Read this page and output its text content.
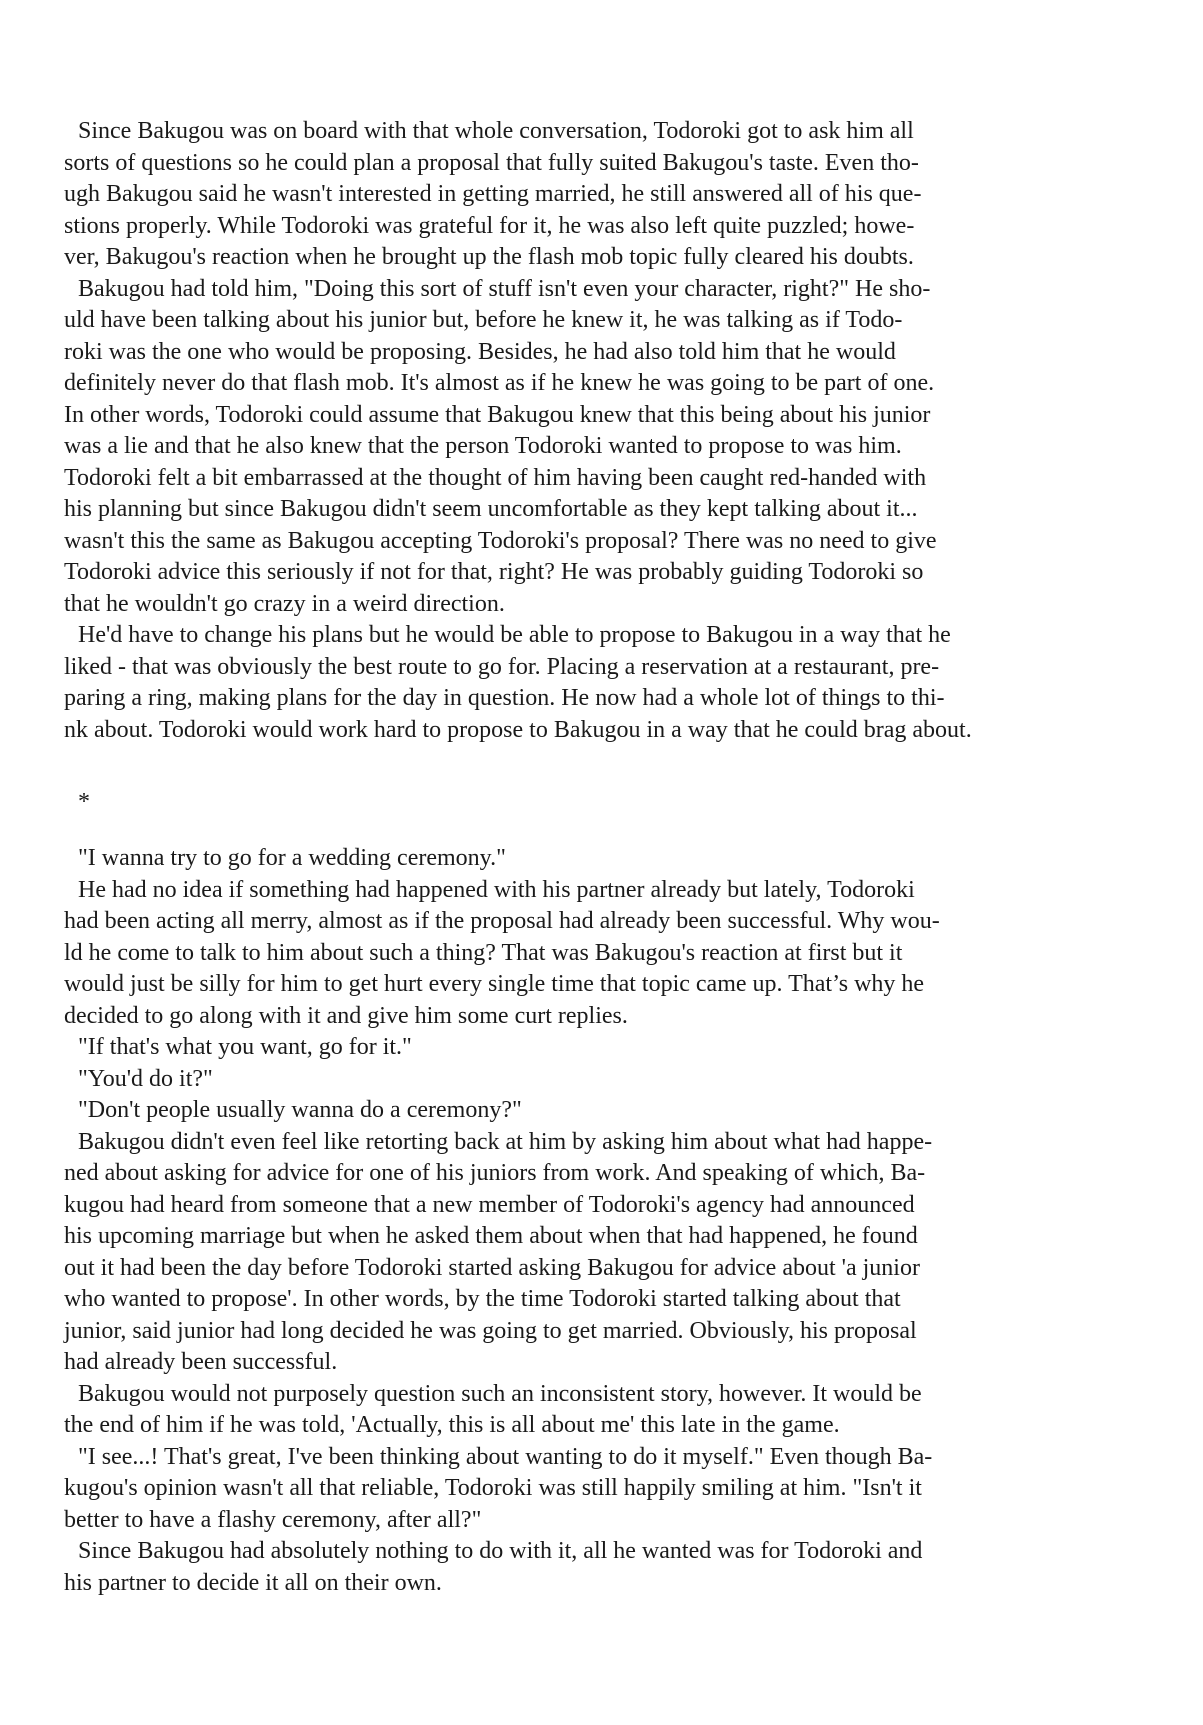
Since Bakugou was on board with that whole conversation, Todoroki got to ask him all
sorts of questions so he could plan a proposal that fully suited Bakugou's taste. Even tho-
ugh Bakugou said he wasn't interested in getting married, he still answered all of his que-
stions properly. While Todoroki was grateful for it, he was also left quite puzzled; howe-
ver, Bakugou's reaction when he brought up the flash mob topic fully cleared his doubts.
Bakugou had told him, "Doing this sort of stuff isn't even your character, right?" He sho-
uld have been talking about his junior but, before he knew it, he was talking as if Todo-
roki was the one who would be proposing. Besides, he had also told him that he would
definitely never do that flash mob. It's almost as if he knew he was going to be part of one.
In other words, Todoroki could assume that Bakugou knew that this being about his junior
was a lie and that he also knew that the person Todoroki wanted to propose to was him.
Todoroki felt a bit embarrassed at the thought of him having been caught red-handed with
his planning but since Bakugou didn't seem uncomfortable as they kept talking about it...
wasn't this the same as Bakugou accepting Todoroki's proposal? There was no need to give
Todoroki advice this seriously if not for that, right? He was probably guiding Todoroki so
that he wouldn't go crazy in a weird direction.
He'd have to change his plans but he would be able to propose to Bakugou in a way that he
liked - that was obviously the best route to go for. Placing a reservation at a restaurant, pre-
paring a ring, making plans for the day in question. He now had a whole lot of things to thi-
nk about. Todoroki would work hard to propose to Bakugou in a way that he could brag about.
*
"I wanna try to go for a wedding ceremony."
He had no idea if something had happened with his partner already but lately, Todoroki
had been acting all merry, almost as if the proposal had already been successful. Why wou-
ld he come to talk to him about such a thing? That was Bakugou's reaction at first but it
would just be silly for him to get hurt every single time that topic came up. That’s why he
decided to go along with it and give him some curt replies.
"If that's what you want, go for it."
"You'd do it?"
"Don't people usually wanna do a ceremony?"
Bakugou didn't even feel like retorting back at him by asking him about what had happe-
ned about asking for advice for one of his juniors from work. And speaking of which, Ba-
kugou had heard from someone that a new member of Todoroki's agency had announced
his upcoming marriage but when he asked them about when that had happened, he found
out it had been the day before Todoroki started asking Bakugou for advice about 'a junior
who wanted to propose'. In other words, by the time Todoroki started talking about that
junior, said junior had long decided he was going to get married. Obviously, his proposal
had already been successful.
Bakugou would not purposely question such an inconsistent story, however. It would be
the end of him if he was told, 'Actually, this is all about me' this late in the game.
"I see...! That's great, I've been thinking about wanting to do it myself." Even though Ba-
kugou's opinion wasn't all that reliable, Todoroki was still happily smiling at him. "Isn't it
better to have a flashy ceremony, after all?"
Since Bakugou had absolutely nothing to do with it, all he wanted was for Todoroki and
his partner to decide it all on their own.
